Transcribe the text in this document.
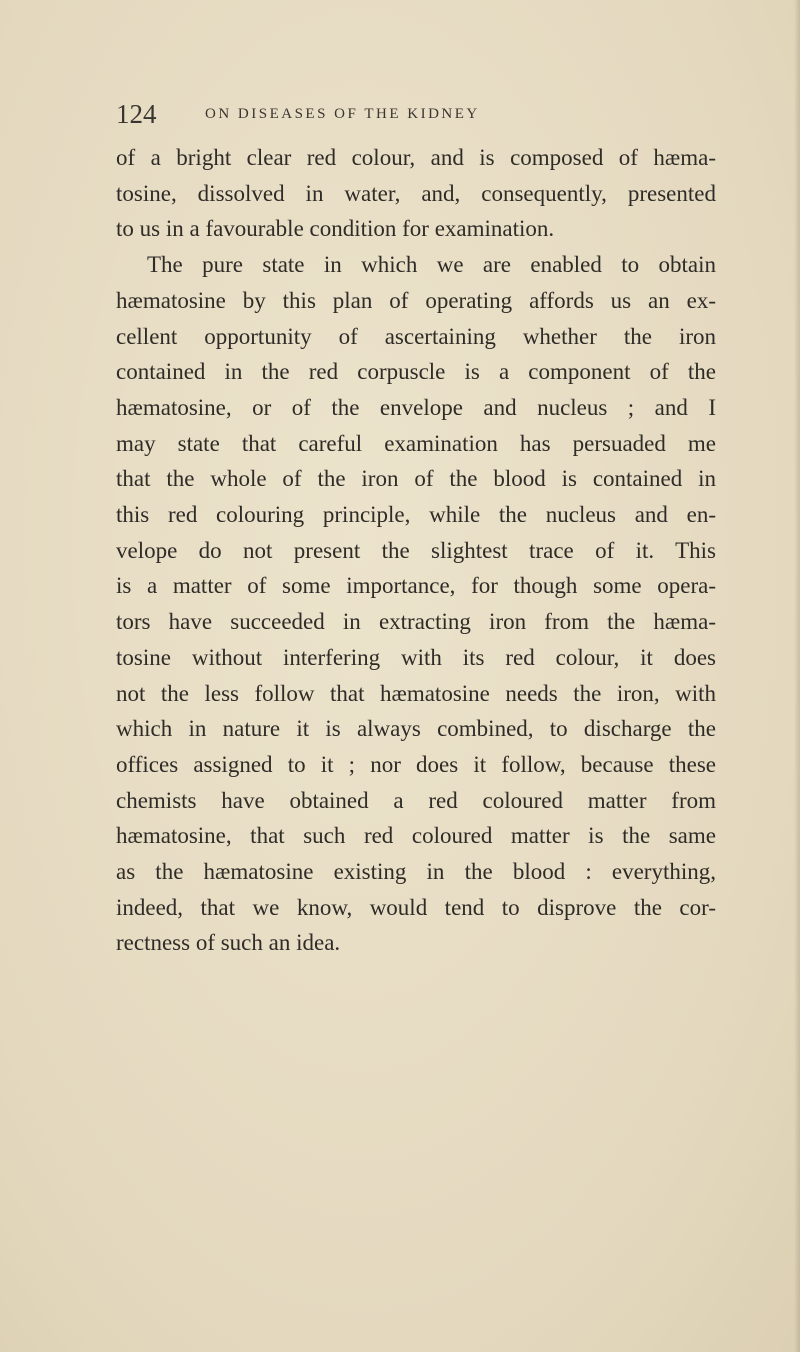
124	ON DISEASES OF THE KIDNEY

of a bright clear red colour, and is composed of hæma-

tosine, dissolved in water, and, consequently, presented

to us in a favourable condition for examination.

The pure state in which we are enabled to obtain

hæmatosine by this plan of operating affords us an ex-

cellent opportunity of ascertaining whether the iron

contained in the red corpuscle is a component of the

hæmatosine, or of the envelope and nucleus ; and I

may state that careful examination has persuaded me

that the whole of the iron of the blood is contained in

this red colouring principle, while the nucleus and en-

velope do not present the slightest trace of it. This

is a matter of some importance, for though some opera-

tors have succeeded in extracting iron from the hæma-

tosine without interfering with its red colour, it does

not the less follow that hæmatosine needs the iron, with

which in nature it is always combined, to discharge the

offices assigned to it ; nor does it follow, because these

chemists have obtained a red coloured matter from

hæmatosine, that such red coloured matter is the same

as the hæmatosine existing in the blood : everything,

indeed, that we know, would tend to disprove the cor-

rectness of such an idea.
